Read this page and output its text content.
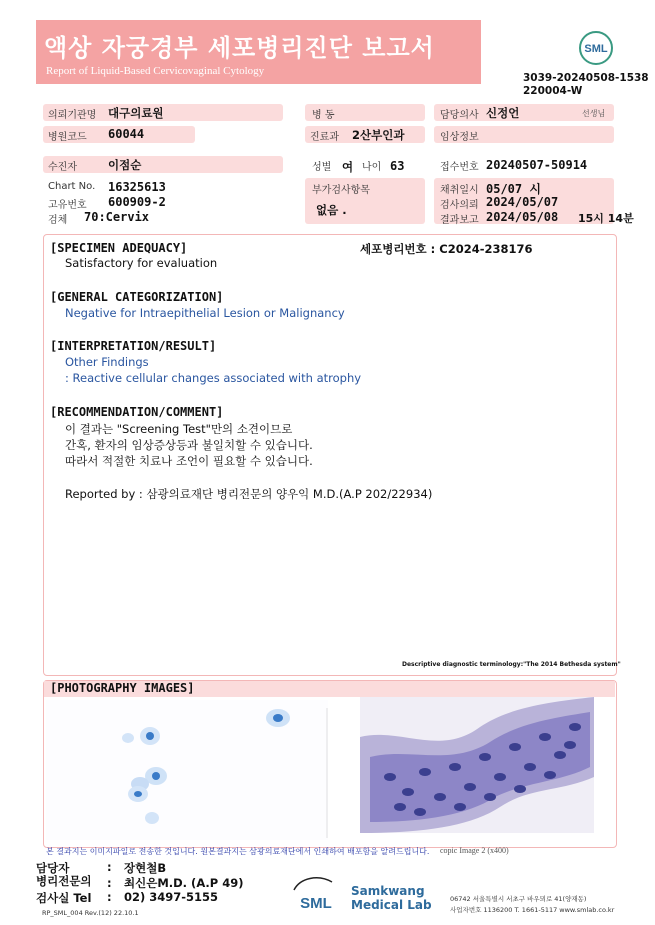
액상 자궁경부 세포병리진단 보고서
Report of Liquid-Based Cervicovaginal Cytology
SML
3039-20240508-1538
220004-W
의뢰기관명 대구의료원	병 동	담당의사 신정언	선생님
병원코드 60044	진료과 2산부인과	임상정보
수진자	이점순	성별 여 나이 63	접수번호 20240507-50914
Chart No. 16325613
고유번호 600909-2
검체 70:Cervix
부가검사항목
없음 .
채취일시 05/07 시
검사의뢰 2024/05/07
결과보고 2024/05/08 15시 14분
[SPECIMEN ADEQUACY]	세포병리번호 : C2024-238176
Satisfactory for evaluation
[GENERAL CATEGORIZATION]
Negative for Intraepithelial Lesion or Malignancy
[INTERPRETATION/RESULT]
Other Findings
: Reactive cellular changes associated with atrophy
[RECOMMENDATION/COMMENT]
이 결과는 "Screening Test"만의 소견이므로
간혹, 환자의 임상증상등과 불일치할 수 있습니다.
따라서 적절한 치료나 조언이 필요할 수 있습니다.
Reported by : 삼광의료재단 병리전문의 양우익 M.D.(A.P 202/22934)
Descriptive diagnostic terminology:"The 2014 Bethesda system"
[PHOTOGRAPHY IMAGES]
copic Image 2 (x400)
본 결과지는 이미지파일로 전송한 것입니다. 원본결과지는 삼광의료재단에서 인쇄하여 배포함을 알려드립니다.
담당자	: 장현철B
병리전문의 : 최신은M.D. (A.P 49)
검사실 Tel : 02) 3497-5155
RP_SML_004 Rev.(12) 22.10.1
SML
Samkwang
Medical Lab	06742 서울특별시 서초구 바우뫼로 41(양재동)
사업자번호 1136200 T. 1661-5117 www.smlab.co.kr
